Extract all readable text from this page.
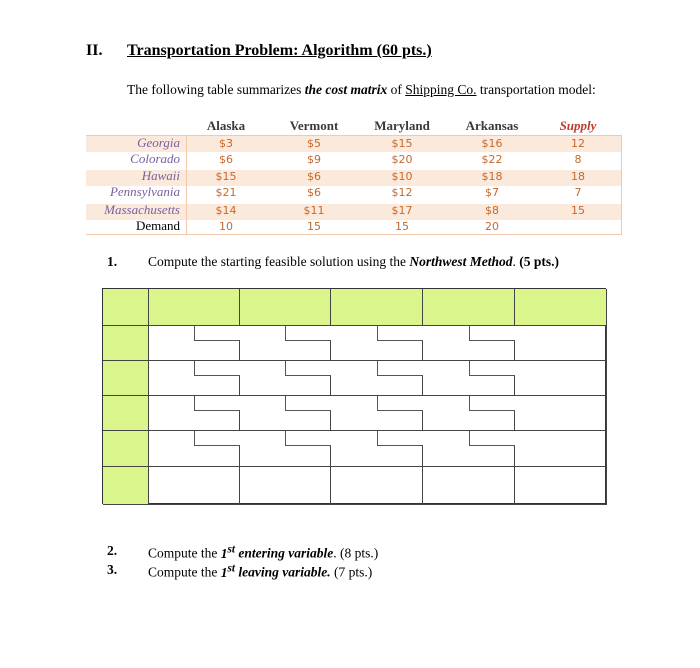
II. Transportation Problem: Algorithm (60 pts.)
The following table summarizes the cost matrix of Shipping Co. transportation model:
Alaska	Vermont	Maryland	Arkansas	Supply
Georgia	$3	$5	$15	$16	12
Colorado	$6	$9	$20	$22	8
Hawaii	$15	$6	$10	$18	18
Pennsylvania	$21	$6	$12	$7	7
Massachusetts	$14	$11	$17	$8	15
Demand	10	15	15	20
1. Compute the starting feasible solution using the Northwest Method. (5 pts.)
2. Compute the 1st entering variable. (8 pts.)
3. Compute the 1st leaving variable. (7 pts.)
